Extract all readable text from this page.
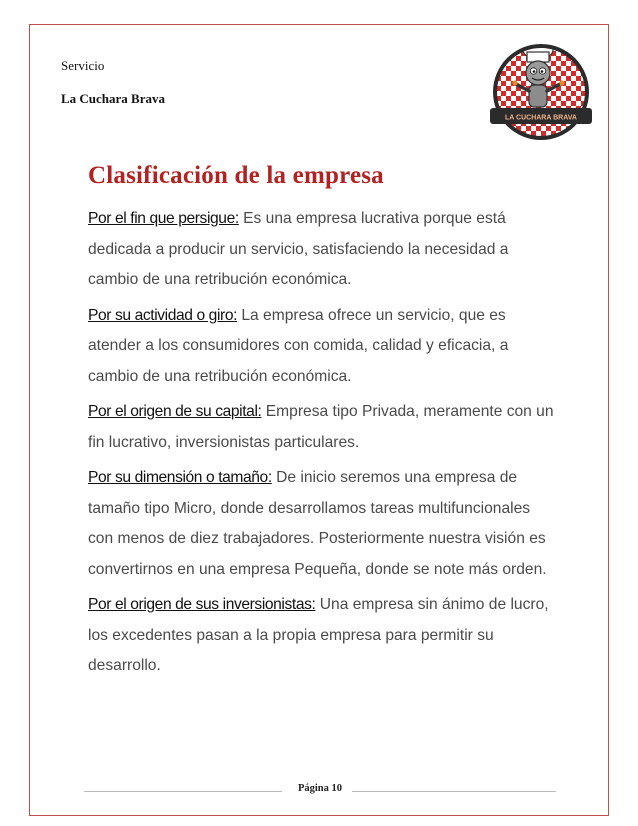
Servicio
La Cuchara Brava
LA CUCHARA BRAVA
Clasificación de la empresa

Por el fin que persigue: Es una empresa lucrativa porque está dedicada a producir un servicio, satisfaciendo la necesidad a cambio de una retribución económica.

Por su actividad o giro: La empresa ofrece un servicio, que es atender a los consumidores con comida, calidad y eficacia, a cambio de una retribución económica.

Por el origen de su capital: Empresa tipo Privada, meramente con un fin lucrativo, inversionistas particulares.

Por su dimensión o tamaño: De inicio seremos una empresa de tamaño tipo Micro, donde desarrollamos tareas multifuncionales con menos de diez trabajadores. Posteriormente nuestra visión es convertirnos en una empresa Pequeña, donde se note más orden.

Por el origen de sus inversionistas: Una empresa sin ánimo de lucro, los excedentes pasan a la propia empresa para permitir su desarrollo.

Página 10
